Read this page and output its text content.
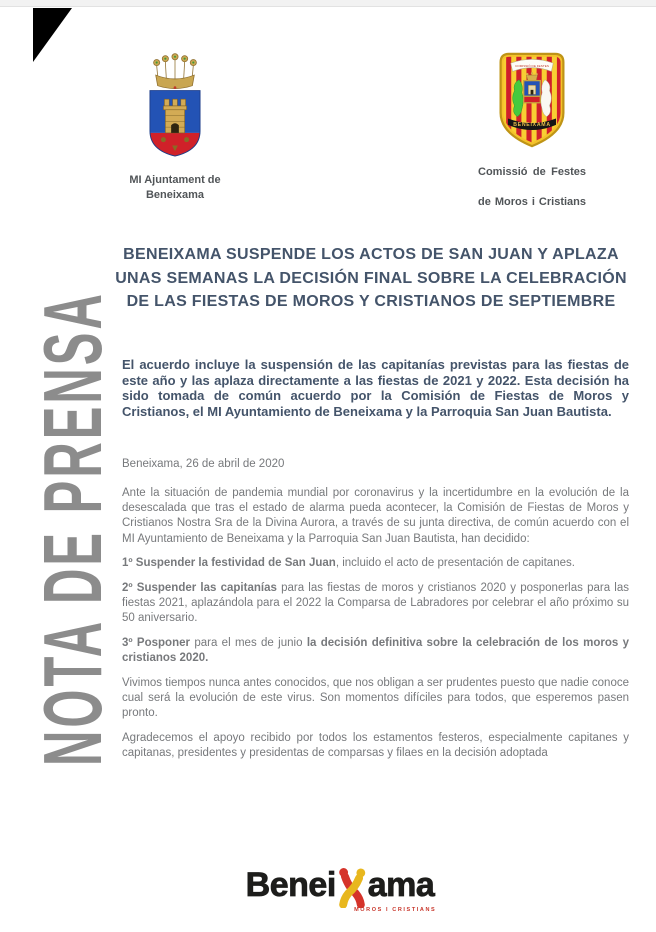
MI Ajuntament de
Beneixama
COMISSIÓ DE FESTES
BENEIXAMA
Comissió de Festes
de Moros i Cristians
NOTA DE PRENSA
BENEIXAMA SUSPENDE LOS ACTOS DE SAN JUAN Y APLAZA UNAS SEMANAS LA DECISIÓN FINAL SOBRE LA CELEBRACIÓN DE LAS FIESTAS DE MOROS Y CRISTIANOS DE SEPTIEMBRE
El acuerdo incluye la suspensión de las capitanías previstas para las fiestas de este año y las aplaza directamente a las fiestas de 2021 y 2022. Esta decisión ha sido tomada de común acuerdo por la Comisión de Fiestas de Moros y Cristianos, el MI Ayuntamiento de Beneixama y la Parroquia San Juan Bautista.
Beneixama, 26 de abril de 2020

Ante la situación de pandemia mundial por coronavirus y la incertidumbre en la evolución de la desescalada que tras el estado de alarma pueda acontecer, la Comisión de Fiestas de Moros y Cristianos Nostra Sra de la Divina Aurora, a través de su junta directiva, de común acuerdo con el MI Ayuntamiento de Beneixama y la Parroquia San Juan Bautista, han decidido:

1º Suspender la festividad de San Juan, incluido el acto de presentación de capitanes.

2º Suspender las capitanías para las fiestas de moros y cristianos 2020 y posponerlas para las fiestas 2021, aplazándola para el 2022 la Comparsa de Labradores por celebrar el año próximo su 50 aniversario.

3º Posponer para el mes de junio la decisión definitiva sobre la celebración de los moros y cristianos 2020.

Vivimos tiempos nunca antes conocidos, que nos obligan a ser prudentes puesto que nadie conoce cual será la evolución de este virus. Son momentos difíciles para todos, que esperemos pasen pronto.

Agradecemos el apoyo recibido por todos los estamentos festeros, especialmente capitanes y capitanas, presidentes y presidentas de comparsas y filaes en la decisión adoptada

Benei ama
MOROS I CRISTIANS
